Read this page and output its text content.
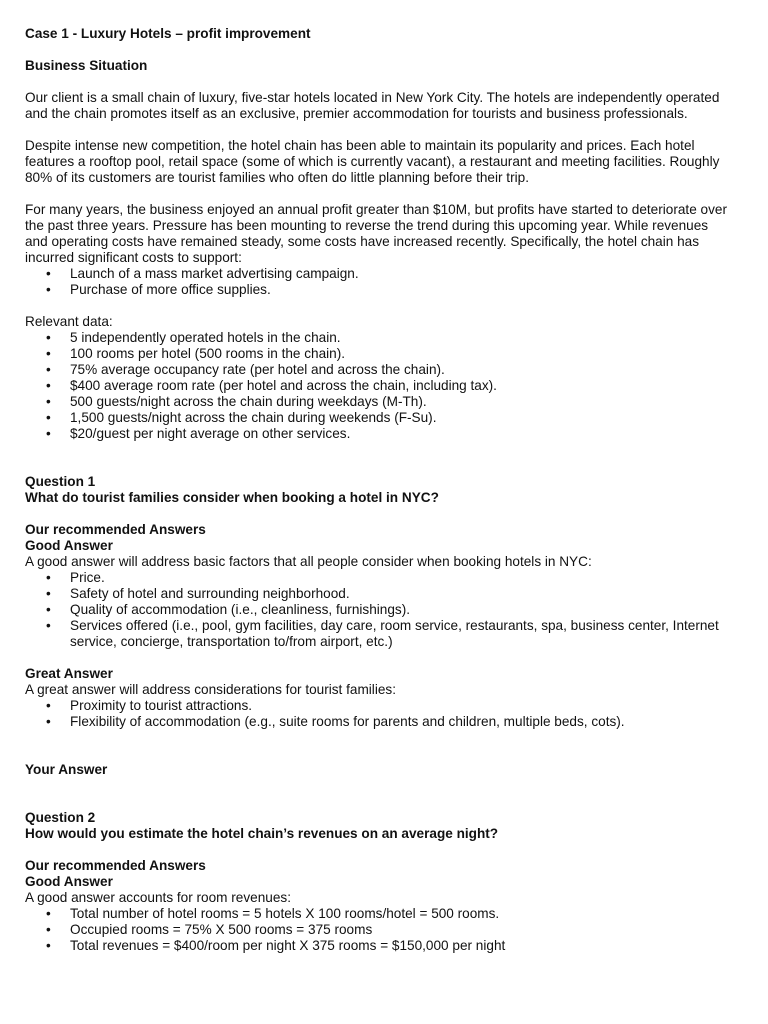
Case 1 - Luxury Hotels – profit improvement

Business Situation

Our client is a small chain of luxury, five-star hotels located in New York City. The hotels are independently operated and the chain promotes itself as an exclusive, premier accommodation for tourists and business professionals.

Despite intense new competition, the hotel chain has been able to maintain its popularity and prices. Each hotel features a rooftop pool, retail space (some of which is currently vacant), a restaurant and meeting facilities. Roughly 80% of its customers are tourist families who often do little planning before their trip.

For many years, the business enjoyed an annual profit greater than $10M, but profits have started to deteriorate over the past three years. Pressure has been mounting to reverse the trend during this upcoming year. While revenues and operating costs have remained steady, some costs have increased recently. Specifically, the hotel chain has incurred significant costs to support:

• Launch of a mass market advertising campaign.
• Purchase of more office supplies.

Relevant data:

• 5 independently operated hotels in the chain.
• 100 rooms per hotel (500 rooms in the chain).
• 75% average occupancy rate (per hotel and across the chain).
• $400 average room rate (per hotel and across the chain, including tax).
• 500 guests/night across the chain during weekdays (M-Th).
• 1,500 guests/night across the chain during weekends (F-Su).
• $20/guest per night average on other services.

Question 1

What do tourist families consider when booking a hotel in NYC?

Our recommended Answers

Good Answer

A good answer will address basic factors that all people consider when booking hotels in NYC:

• Price.
• Safety of hotel and surrounding neighborhood.
• Quality of accommodation (i.e., cleanliness, furnishings).
• Services offered (i.e., pool, gym facilities, day care, room service, restaurants, spa, business center, Internet service, concierge, transportation to/from airport, etc.)

Great Answer

A great answer will address considerations for tourist families:

• Proximity to tourist attractions.
• Flexibility of accommodation (e.g., suite rooms for parents and children, multiple beds, cots).

Your Answer

Question 2

How would you estimate the hotel chain’s revenues on an average night?

Our recommended Answers

Good Answer

A good answer accounts for room revenues:

• Total number of hotel rooms = 5 hotels X 100 rooms/hotel = 500 rooms.
• Occupied rooms = 75% X 500 rooms = 375 rooms
• Total revenues = $400/room per night X 375 rooms = $150,000 per night
